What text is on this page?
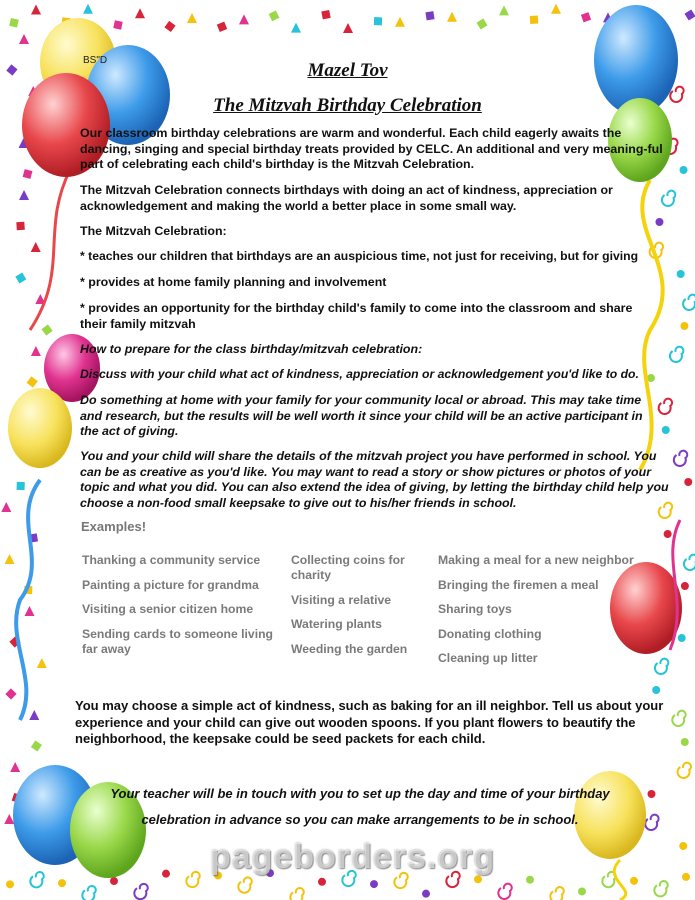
BS"D	Mazel Tov
The Mitzvah Birthday Celebration
Our classroom birthday celebrations are warm and wonderful. Each child eagerly awaits the dancing, singing and special birthday treats provided by CELC. An additional and very meaning-ful part of celebrating each child's birthday is the Mitzvah Celebration.
The Mitzvah Celebration connects birthdays with doing an act of kindness, appreciation or acknowledgement and making the world a better place in some small way.
The Mitzvah Celebration:
* teaches our children that birthdays are an auspicious time, not just for receiving, but for giving
* provides at home family planning and involvement
* provides an opportunity for the birthday child's family to come into the classroom and share their family mitzvah
How to prepare for the class birthday/mitzvah celebration:
Discuss with your child what act of kindness, appreciation or acknowledgement you'd like to do.
Do something at home with your family for your community local or abroad. This may take time and research, but the results will be well worth it since your child will be an active participant in the act of giving.
You and your child will share the details of the mitzvah project you have performed in school. You can be as creative as you'd like. You may want to read a story or show pictures or photos of your topic and what you did. You can also extend the idea of giving, by letting the birthday child help you choose a non-food small keepsake to give out to his/her friends in school.
Examples!
Thanking a community service
Painting a picture for grandma
Visiting a senior citizen home
Sending cards to someone living far away
Collecting coins for charity
Visiting a relative
Watering plants
Weeding the garden
Making a meal for a new neighbor
Bringing the firemen a meal
Sharing toys
Donating clothing
Cleaning up litter
You may choose a simple act of kindness, such as baking for an ill neighbor. Tell us about your experience and your child can give out wooden spoons. If you plant flowers to beautify the neighborhood, the keepsake could be seed packets for each child.
Your teacher will be in touch with you to set up the day and time of your birthday
celebration in advance so you can make arrangements to be in school.
pageborders.org
